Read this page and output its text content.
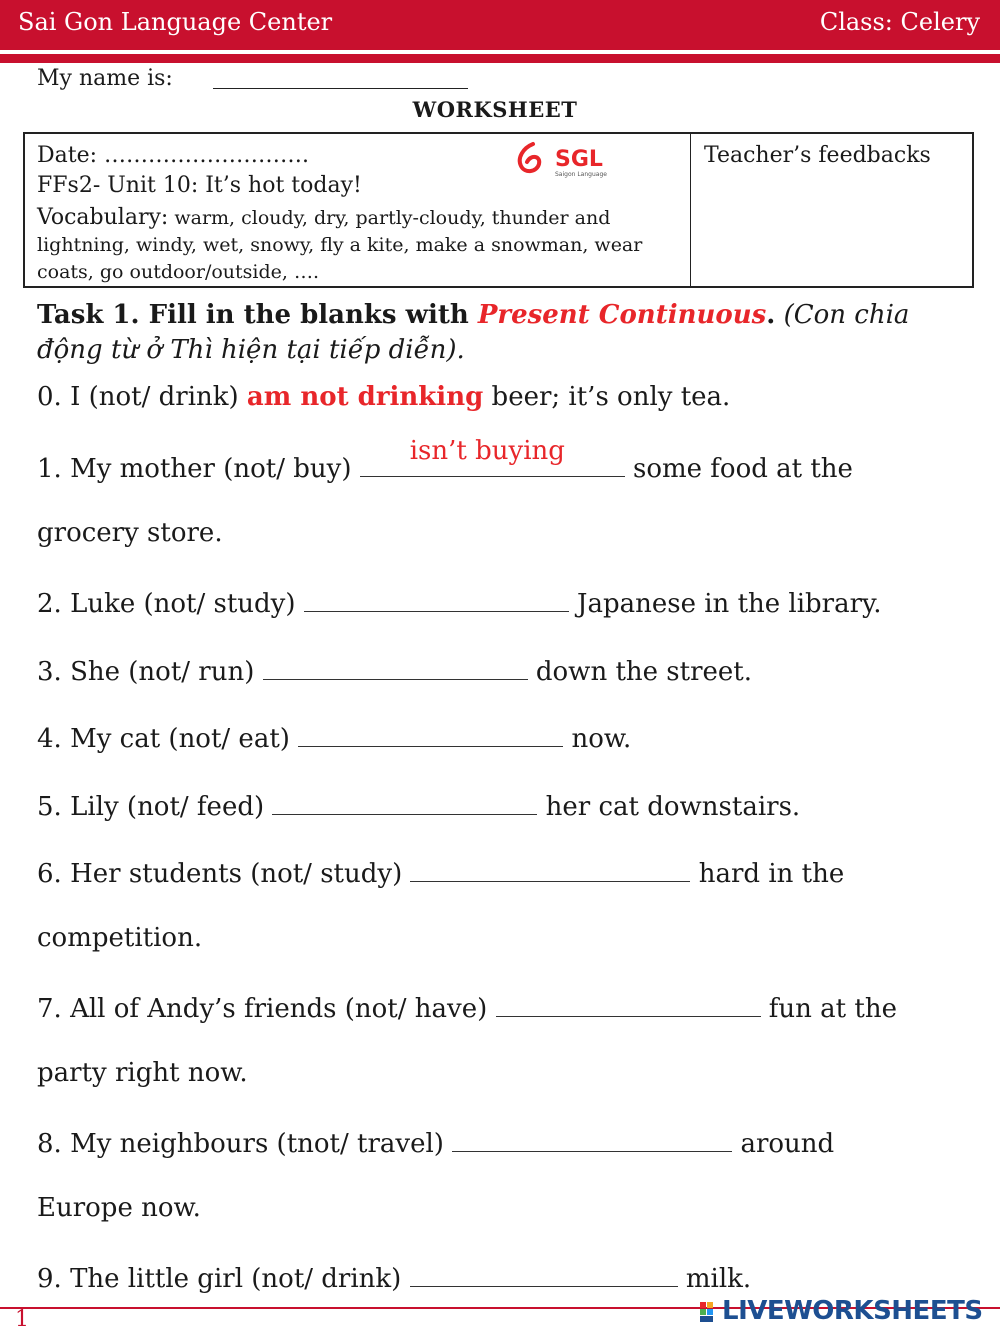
Sai Gon Language Center	Class: Celery
My name is:
WORKSHEET
Date: ……………………….	SGL
Saigon Language
FFs2- Unit 10: It’s hot today!
Vocabulary: warm, cloudy, dry, partly-cloudy, thunder and lightning, windy, wet, snowy, fly a kite, make a snowman, wear coats, go outdoor/outside, ….
Teacher’s feedbacks
Task 1. Fill in the blanks with Present Continuous. (Con chia động từ ở Thì hiện tại tiếp diễn).
0. I (not/ drink) am not drinking beer; it’s only tea.
1. My mother (not/ buy)
isn’t buying
some food at the
grocery store.
2. Luke (not/ study)	Japanese in the library.
3. She (not/ run)	down the street.
4. My cat (not/ eat)	now.
5. Lily (not/ feed)	her cat downstairs.
6. Her students (not/ study)	hard in the
competition.
7. All of Andy’s friends (not/ have)	fun at the
party right now.
8. My neighbours (tnot/ travel)	around
Europe now.
9. The little girl (not/ drink)	milk.
1	LIVEWORKSHEETS
